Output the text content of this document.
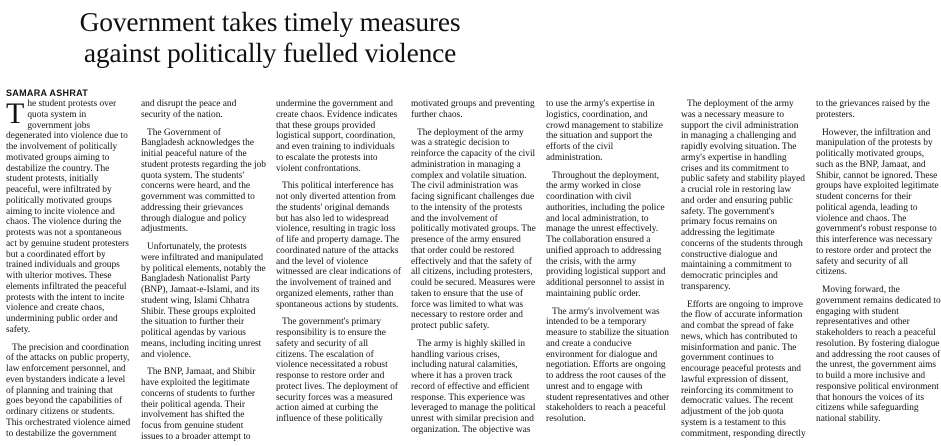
Government takes timely measures
against politically fuelled violence
SAMARA ASHRAT

The student protests over quota system in government jobs degenerated into violence due to the involvement of politically motivated groups aiming to destabilize the country. The student protests, initially peaceful, were infiltrated by politically motivated groups aiming to incite violence and chaos. The violence during the protests was not a spontaneous act by genuine student protesters but a coordinated effort by trained individuals and groups with ulterior motives. These elements infiltrated the peaceful protests with the intent to incite violence and create chaos, undermining public order and safety.

The precision and coordination of the attacks on public property, law enforcement personnel, and even bystanders indicate a level of planning and training that goes beyond the capabilities of ordinary citizens or students. This orchestrated violence aimed to destabilize the government and disrupt the peace and security of the nation.

The Government of Bangladesh acknowledges the initial peaceful nature of the student protests regarding the job quota system. The students' concerns were heard, and the government was committed to addressing their grievances through dialogue and policy adjustments.

Unfortunately, the protests were infiltrated and manipulated by political elements, notably the Bangladesh Nationalist Party (BNP), Jamaat-e-Islami, and its student wing, Islami Chhatra Shibir. These groups exploited the situation to further their political agendas by various means, including inciting unrest and violence.

The BNP, Jamaat, and Shibir have exploited the legitimate concerns of students to further their political agenda. Their involvement has shifted the focus from genuine student issues to a broader attempt to undermine the government and create chaos. Evidence indicates that these groups provided logistical support, coordination, and even training to individuals to escalate the protests into violent confrontations.

This political interference has not only diverted attention from the students' original demands but has also led to widespread violence, resulting in tragic loss of life and property damage. The coordinated nature of the attacks and the level of violence witnessed are clear indications of the involvement of trained and organized elements, rather than spontaneous actions by students.

The government's primary responsibility is to ensure the safety and security of all citizens. The escalation of violence necessitated a robust response to restore order and protect lives. The deployment of security forces was a measured action aimed at curbing the influence of these politically motivated groups and preventing further chaos.

The deployment of the army was a strategic decision to reinforce the capacity of the civil administration in managing a complex and volatile situation. The civil administration was facing significant challenges due to the intensity of the protests and the involvement of politically motivated groups. The presence of the army ensured that order could be restored effectively and that the safety of all citizens, including protesters, could be secured. Measures were taken to ensure that the use of force was limited to what was necessary to restore order and protect public safety.

The army is highly skilled in handling various crises, including natural calamities, where it has a proven track record of effective and efficient response. This experience was leveraged to manage the political unrest with similar precision and organization. The objective was to use the army's expertise in logistics, coordination, and crowd management to stabilize the situation and support the efforts of the civil administration.

Throughout the deployment, the army worked in close coordination with civil authorities, including the police and local administration, to manage the unrest effectively. The collaboration ensured a unified approach to addressing the crisis, with the army providing logistical support and additional personnel to assist in maintaining public order.

The army's involvement was intended to be a temporary measure to stabilize the situation and create a conducive environment for dialogue and negotiation. Efforts are ongoing to address the root causes of the unrest and to engage with student representatives and other stakeholders to reach a peaceful resolution.

The deployment of the army was a necessary measure to support the civil administration in managing a challenging and rapidly evolving situation. The army's expertise in handling crises and its commitment to public safety and stability played a crucial role in restoring law and order and ensuring public safety. The government's primary focus remains on addressing the legitimate concerns of the students through constructive dialogue and maintaining a commitment to democratic principles and transparency.

Efforts are ongoing to improve the flow of accurate information and combat the spread of fake news, which has contributed to misinformation and panic. The government continues to encourage peaceful protests and lawful expression of dissent, reinforcing its commitment to democratic values. The recent adjustment of the job quota system is a testament to this commitment, responding directly to the grievances raised by the protesters.

However, the infiltration and manipulation of the protests by politically motivated groups, such as the BNP, Jamaat, and Shibir, cannot be ignored. These groups have exploited legitimate student concerns for their political agenda, leading to violence and chaos. The government's robust response to this interference was necessary to restore order and protect the safety and security of all citizens.

Moving forward, the government remains dedicated to engaging with student representatives and other stakeholders to reach a peaceful resolution. By fostering dialogue and addressing the root causes of the unrest, the government aims to build a more inclusive and responsive political environment that honours the voices of its citizens while safeguarding national stability.
